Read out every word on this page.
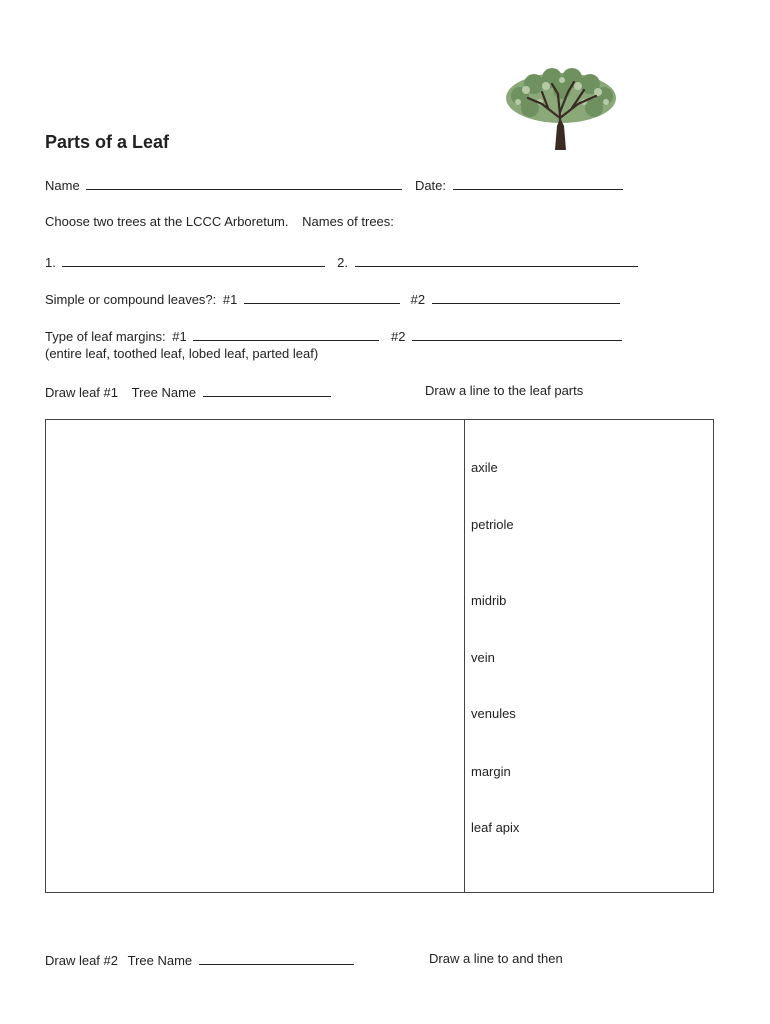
Parts of a Leaf
Name	Date:
Choose two trees at the LCCC Arboretum. Names of trees:
1.	2.
Simple or compound leaves?: #1	#2
Type of leaf margins: #1	#2
(entire leaf, toothed leaf, lobed leaf, parted leaf)
Draw leaf #1 Tree Name	Draw a line to the leaf parts
axile
petriole
midrib
vein
venules
margin
leaf apix
Draw leaf #2 Tree Name	Draw a line to and then
